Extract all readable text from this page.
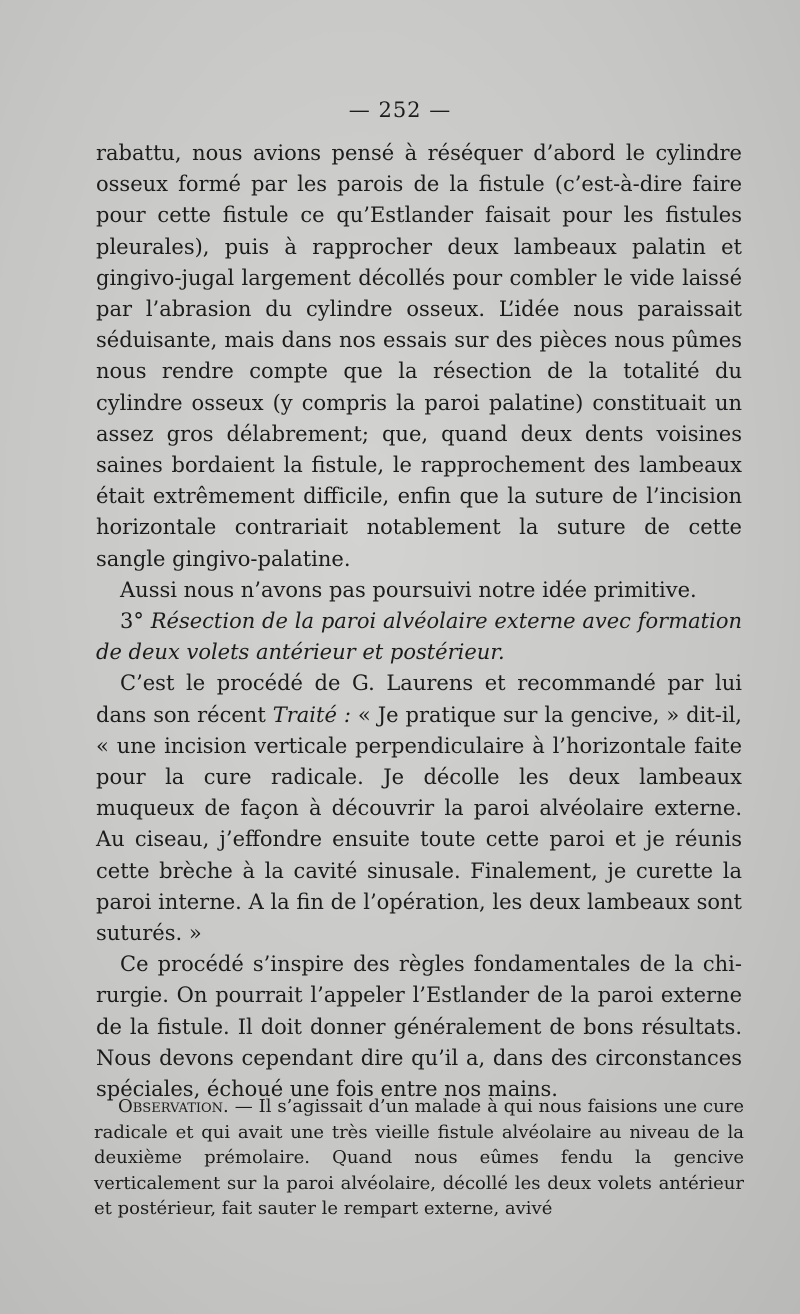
— 252 —

rabattu, nous avions pensé à réséquer d’abord le cylindre osseux formé par les parois de la fistule (c’est-à-dire faire pour cette fistule ce qu’Estlander faisait pour les fistules pleurales), puis à rapprocher deux lambeaux palatin et gingivo-jugal largement décollés pour combler le vide laissé par l’abrasion du cylindre osseux. L’idée nous paraissait séduisante, mais dans nos essais sur des pièces nous pûmes nous rendre compte que la résection de la totalité du cylindre osseux (y compris la paroi palatine) constituait un assez gros délabrement; que, quand deux dents voisines saines bordaient la fistule, le rapprochement des lambeaux était extrêmement difficile, enfin que la suture de l’incision horizontale contrariait notablement la suture de cette sangle gingivo-palatine.

Aussi nous n’avons pas poursuivi notre idée primitive.

3° Résection de la paroi alvéolaire externe avec formation de deux volets antérieur et postérieur.

C’est le procédé de G. Laurens et recommandé par lui dans son récent Traité : « Je pratique sur la gencive, » dit-il, « une incision verticale perpendiculaire à l’horizontale faite pour la cure radicale. Je décolle les deux lambeaux muqueux de façon à découvrir la paroi alvéolaire externe. Au ciseau, j’effondre ensuite toute cette paroi et je réunis cette brèche à la cavité sinusale. Finalement, je curette la paroi interne. A la fin de l’opération, les deux lambeaux sont suturés. »

Ce procédé s’inspire des règles fondamentales de la chirurgie. On pourrait l’appeler l’Estlander de la paroi externe de la fistule. Il doit donner généralement de bons résultats. Nous devons cependant dire qu’il a, dans des circonstances spéciales, échoué une fois entre nos mains.

Observation. — Il s’agissait d’un malade à qui nous faisions une cure radicale et qui avait une très vieille fistule alvéolaire au niveau de la deuxième prémolaire. Quand nous eûmes fendu la gencive verticalement sur la paroi alvéolaire, décollé les deux volets antérieur et postérieur, fait sauter le rempart externe, avivé
